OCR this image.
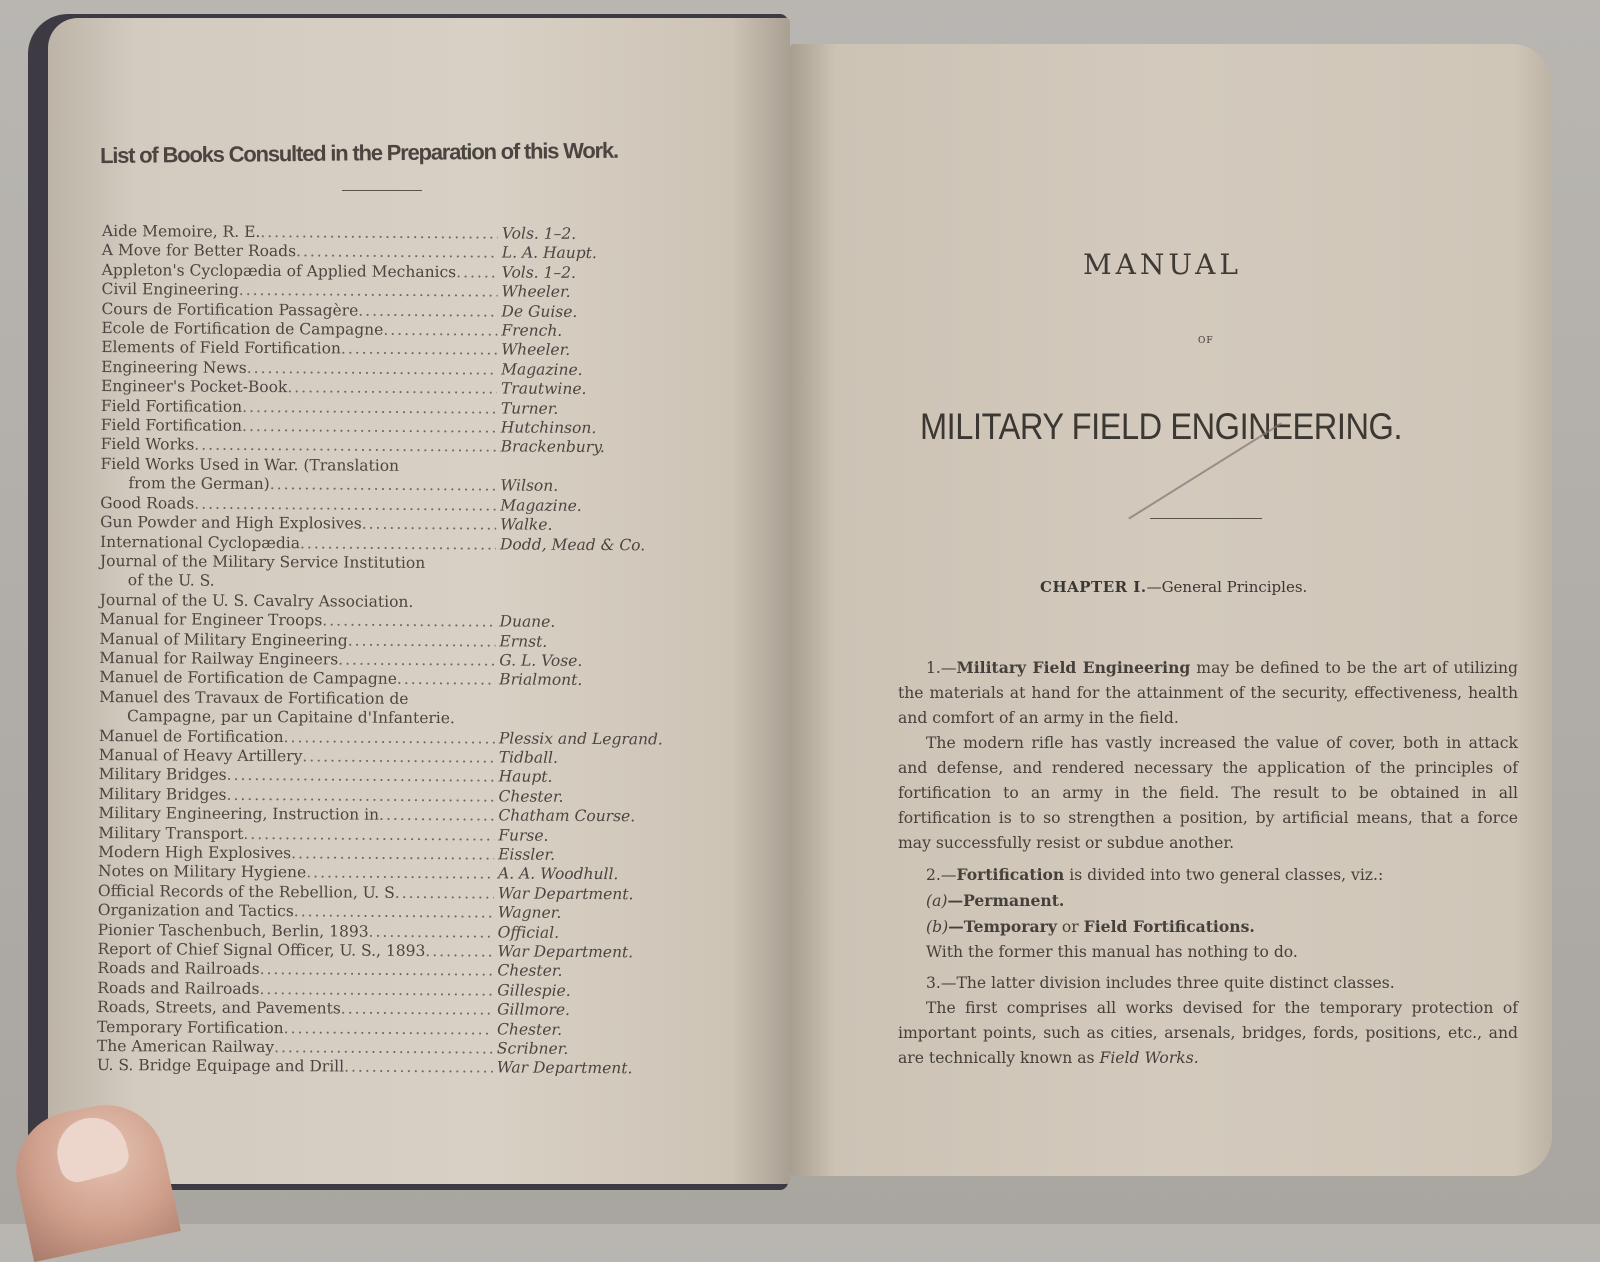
List of Books Consulted in the Preparation of this Work.
Aide Memoire, R. E. .....	Vols. 1–2.
A Move for Better Roads .....	L. A. Haupt.
Appleton's Cyclopædia of Applied Mechanics .....	Vols. 1–2.
Civil Engineering .....	Wheeler.
Cours de Fortification Passagère .....	De Guise.
Ecole de Fortification de Campagne .....	French.
Elements of Field Fortification .....	Wheeler.
Engineering News .....	Magazine.
Engineer's Pocket-Book .....	Trautwine.
Field Fortification .....	Turner.
Field Fortification .....	Hutchinson.
Field Works .....	Brackenbury.
Field Works Used in War. (Translation
from the German) .....	Wilson.
Good Roads .....	Magazine.
Gun Powder and High Explosives .....	Walke.
International Cyclopædia .....	Dodd, Mead & Co.
Journal of the Military Service Institution
of the U. S.
Journal of the U. S. Cavalry Association.
Manual for Engineer Troops .....	Duane.
Manual of Military Engineering .....	Ernst.
Manual for Railway Engineers .....	G. L. Vose.
Manuel de Fortification de Campagne .....	Brialmont.
Manuel des Travaux de Fortification de
Campagne, par un Capitaine d'Infanterie.
Manuel de Fortification .....	Plessix and Legrand.
Manual of Heavy Artillery .....	Tidball.
Military Bridges .....	Haupt.
Military Bridges .....	Chester.
Military Engineering, Instruction in .....	Chatham Course.
Military Transport .....	Furse.
Modern High Explosives .....	Eissler.
Notes on Military Hygiene .....	A. A. Woodhull.
Official Records of the Rebellion, U. S .....	War Department.
Organization and Tactics .....	Wagner.
Pionier Taschenbuch, Berlin, 1893 .....	Official.
Report of Chief Signal Officer, U. S., 1893 .....	War Department.
Roads and Railroads .....	Chester.
Roads and Railroads .....	Gillespie.
Roads, Streets, and Pavements .....	Gillmore.
Temporary Fortification .....	Chester.
The American Railway .....	Scribner.
U. S. Bridge Equipage and Drill .....	War Department.
MANUAL
OF
MILITARY FIELD ENGINEERING.
CHAPTER I.—General Principles.

1.—Military Field Engineering may be defined to be the art of utilizing the materials at hand for the attainment of the security, effectiveness, health and comfort of an army in the field.

The modern rifle has vastly increased the value of cover, both in attack and defense, and rendered necessary the application of the principles of fortification to an army in the field. The result to be obtained in all fortification is to so strengthen a position, by artificial means, that a force may successfully resist or subdue another.

2.—Fortification is divided into two general classes, viz.:

(a)—Permanent.

(b)—Temporary or Field Fortifications.

With the former this manual has nothing to do.

3.—The latter division includes three quite distinct classes.

The first comprises all works devised for the temporary protection of important points, such as cities, arsenals, bridges, fords, positions, etc., and are technically known as Field Works.
